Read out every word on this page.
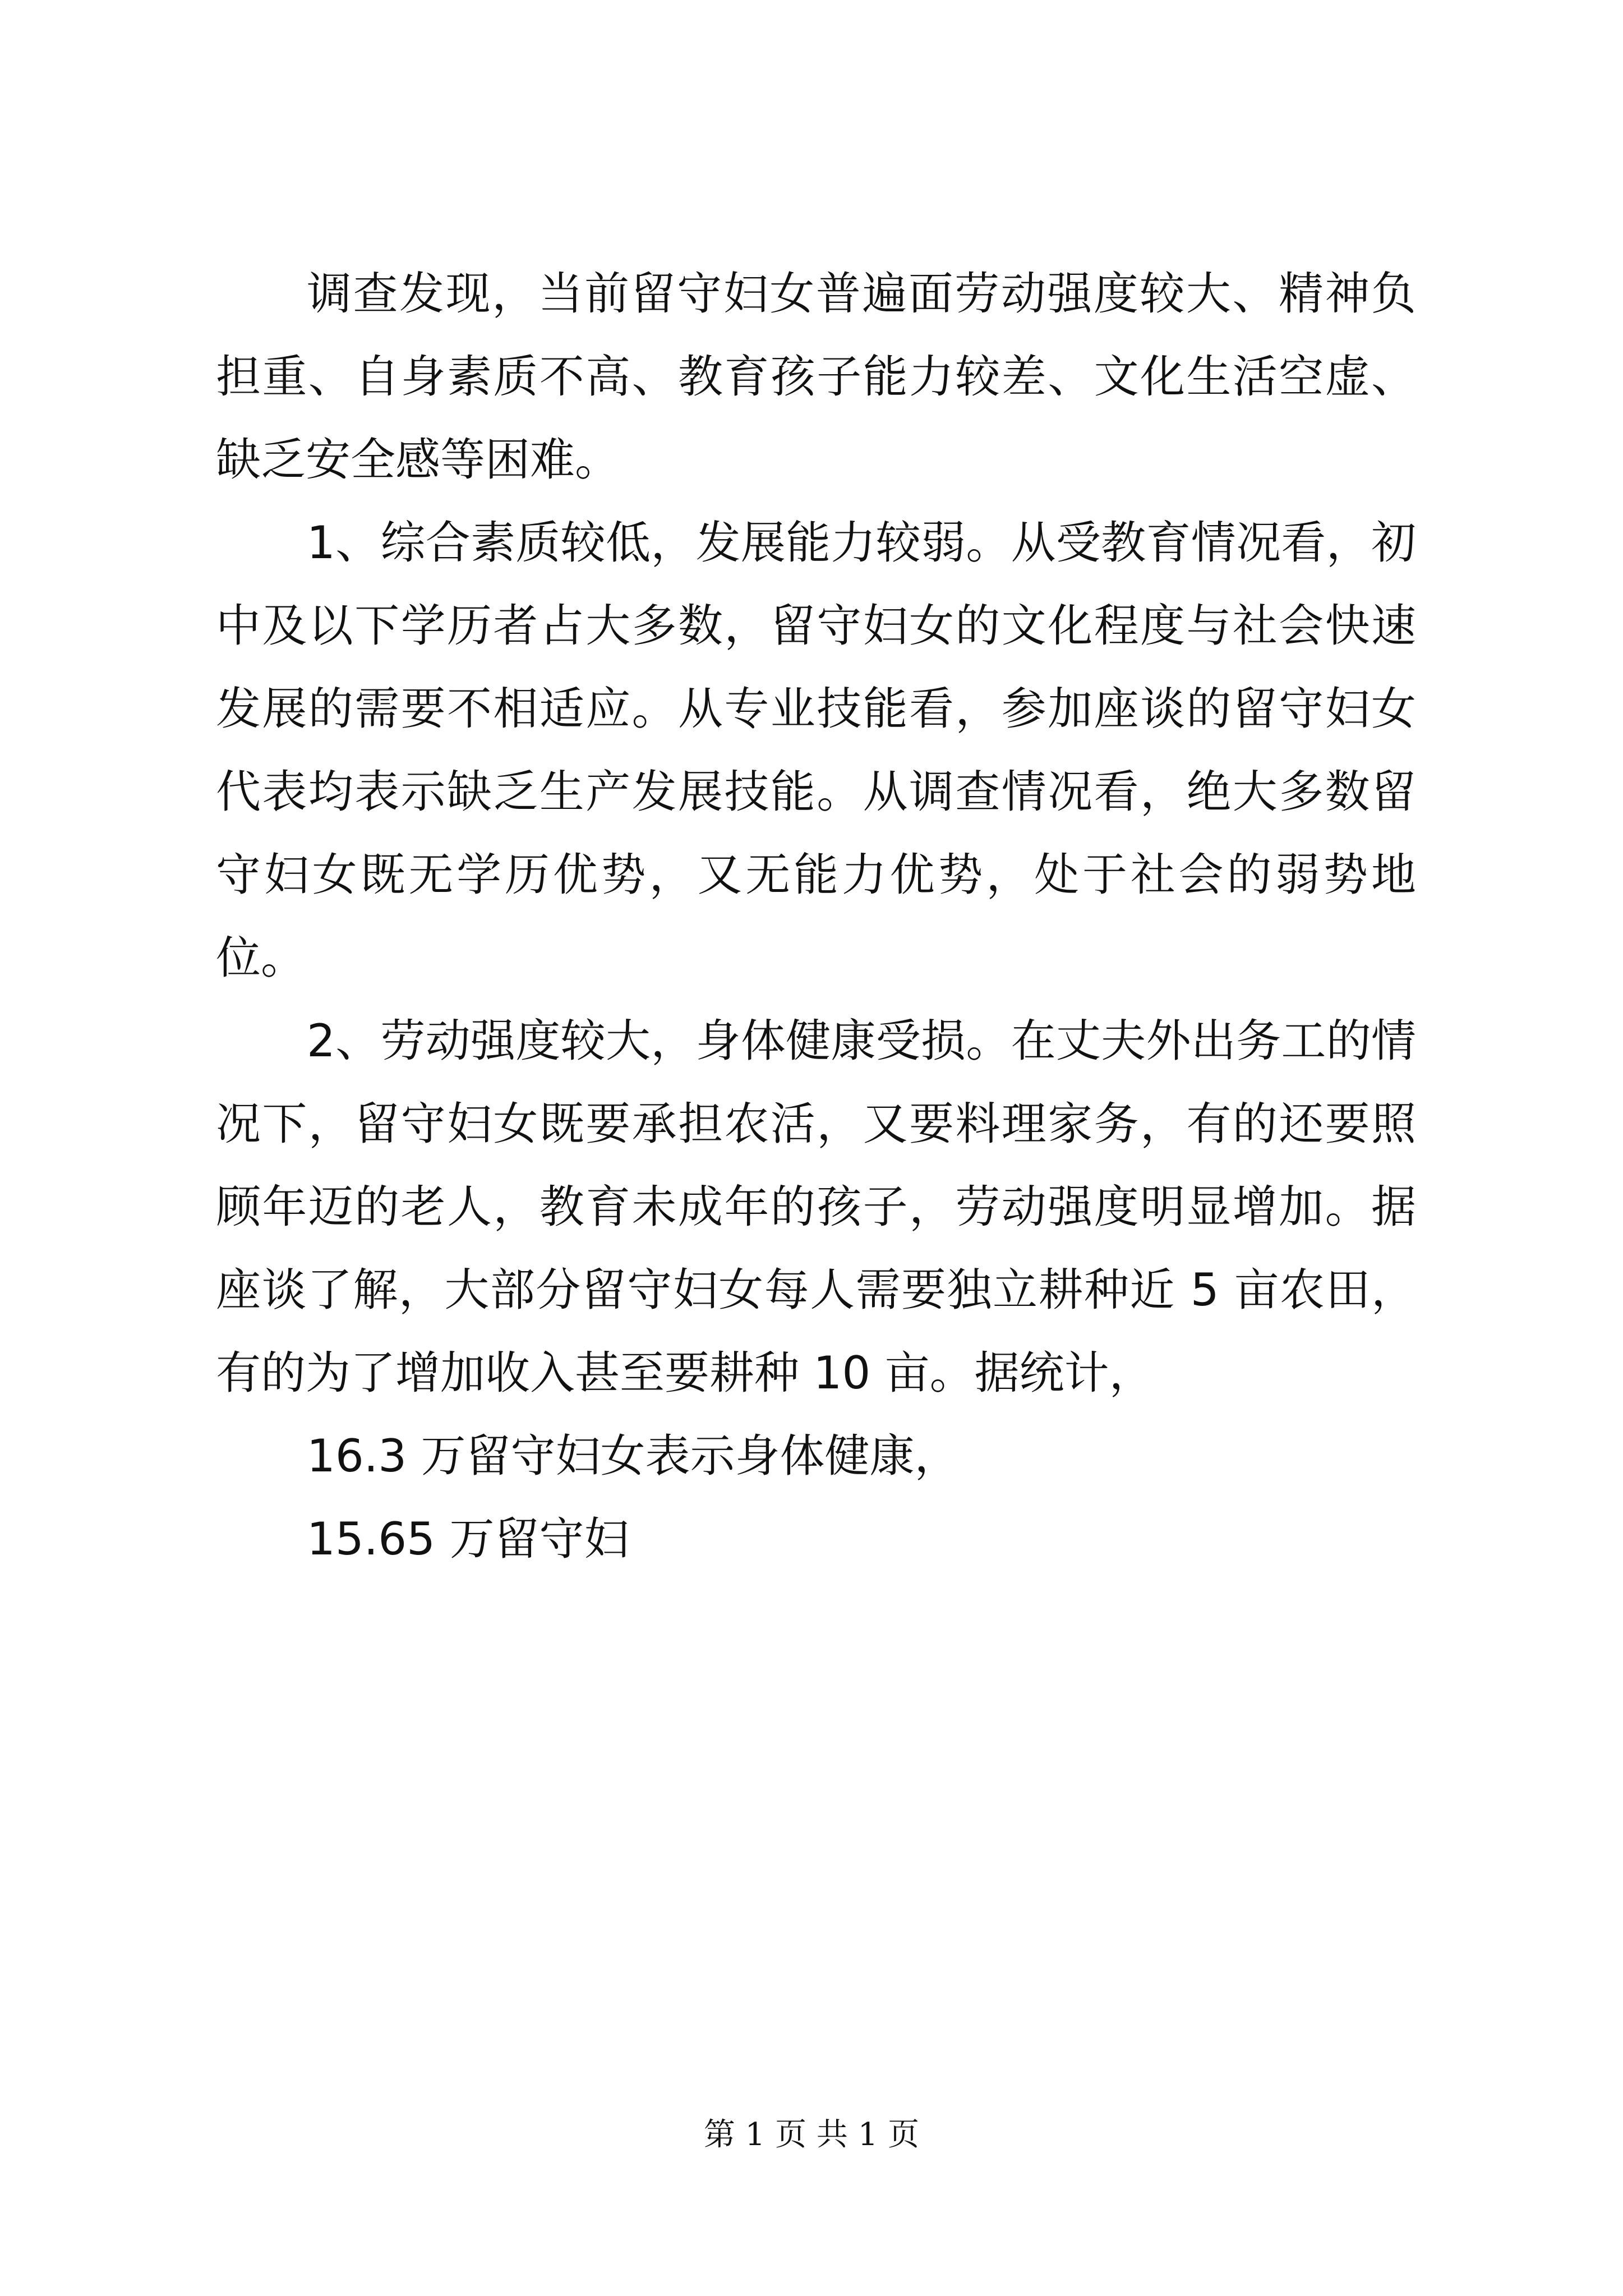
调查发现，当前留守妇女普遍面劳动强度较大、精神负担重、自身素质不高、教育孩子能力较差、文化生活空虚、缺乏安全感等困难。

1、综合素质较低，发展能力较弱。从受教育情况看，初中及以下学历者占大多数，留守妇女的文化程度与社会快速发展的需要不相适应。从专业技能看，参加座谈的留守妇女代表均表示缺乏生产发展技能。从调查情况看，绝大多数留守妇女既无学历优势，又无能力优势，处于社会的弱势地位。

2、劳动强度较大，身体健康受损。在丈夫外出务工的情况下，留守妇女既要承担农活，又要料理家务，有的还要照顾年迈的老人，教育未成年的孩子，劳动强度明显增加。据座谈了解，大部分留守妇女每人需要独立耕种近 5 亩农田，有的为了增加收入甚至要耕种 10 亩。据统计，

16.3 万留守妇女表示身体健康，

15.65 万留守妇

第 1 页 共 1 页
